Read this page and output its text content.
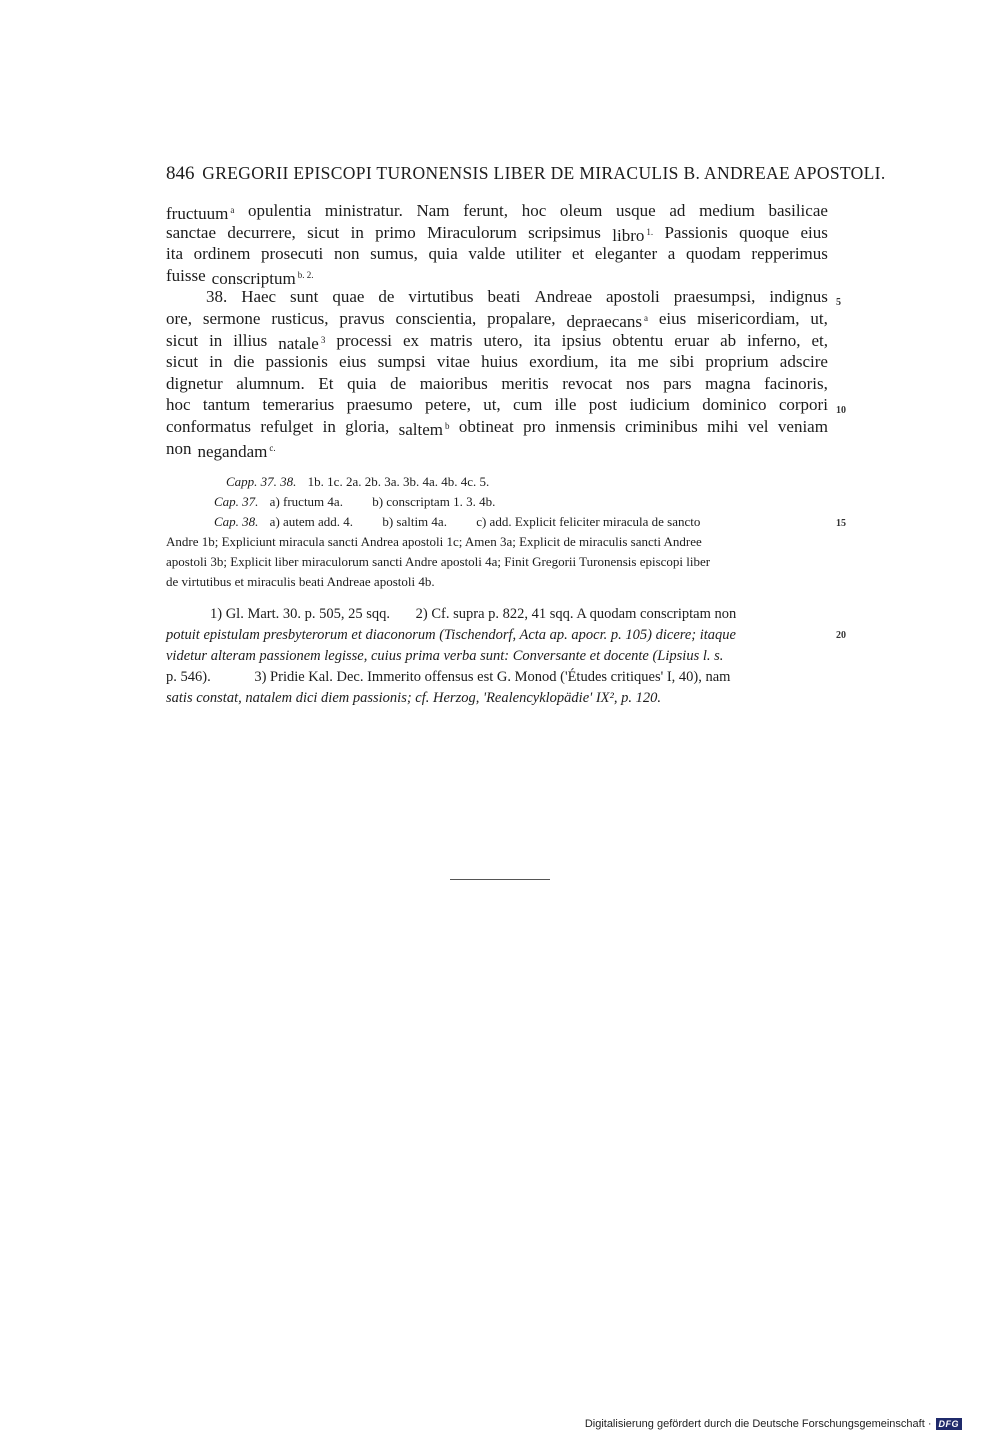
846 GREGORII EPISCOPI TURONENSIS LIBER DE MIRACULIS B. ANDREAE APOSTOLI.
fructuum $^a$ opulentia ministratur. Nam ferunt, hoc oleum usque ad medium basilicae
sanctae decurrere, sicut in primo Miraculorum scripsimus libro $^{1.}$ Passionis quoque eius
ita ordinem prosecuti non sumus, quia valde utiliter et eleganter a quodam repperimus
fuisse conscriptum $^{b. 2.}$
38. Haec sunt quae de virtutibus beati Andreae apostoli praesumpsi, indignus
ore, sermone rusticus, pravus conscientia, propalare, depraecans $^a$ eius misericordiam, ut,
sicut in illius natale $^3$ processi ex matris utero, ita ipsius obtentu eruar ab inferno, et,
sicut in die passionis eius sumpsi vitae huius exordium, ita me sibi proprium adscire
dignetur alumnum. Et quia de maioribus meritis revocat nos pars magna facinoris,
hoc tantum temerarius praesumo petere, ut, cum ille post iudicium dominico corpori
conformatus refulget in gloria, saltem $^b$ obtineat pro inmensis criminibus mihi vel veniam
non negandam $^{c.}$
5
10
Capp. 37. 38. 1b. 1c. 2a. 2b. 3a. 3b. 4a. 4b. 4c. 5.
Cap. 37. a) fructum 4a. b) conscriptam 1. 3. 4b.
Cap. 38. a) autem add. 4. b) saltim 4a. c) add. Explicit feliciter miracula de sancto
Andre 1b; Expliciunt miracula sancti Andrea apostoli 1c; Amen 3a; Explicit de miraculis sancti Andree
apostoli 3b; Explicit liber miraculorum sancti Andre apostoli 4a; Finit Gregorii Turonensis episcopi liber
de virtutibus et miraculis beati Andreae apostoli 4b.
15
1) Gl. Mart. 30. p. 505, 25 sqq. 2) Cf. supra p. 822, 41 sqq. A quodam conscriptam non
potuit epistulam presbyterorum et diaconorum (Tischendorf, Acta ap. apocr. p. 105) dicere; itaque
videtur alteram passionem legisse, cuius prima verba sunt: Conversante et docente (Lipsius l. s.
p. 546).	3) Pridie Kal. Dec. Immerito offensus est G. Monod ('Études critiques' I, 40), nam
satis constat, natalem dici diem passionis; cf. Herzog, 'Realencyklopädie' IX², p. 120.
20
Digitalisierung gefördert durch die Deutsche Forschungsgemeinschaft · DFG
